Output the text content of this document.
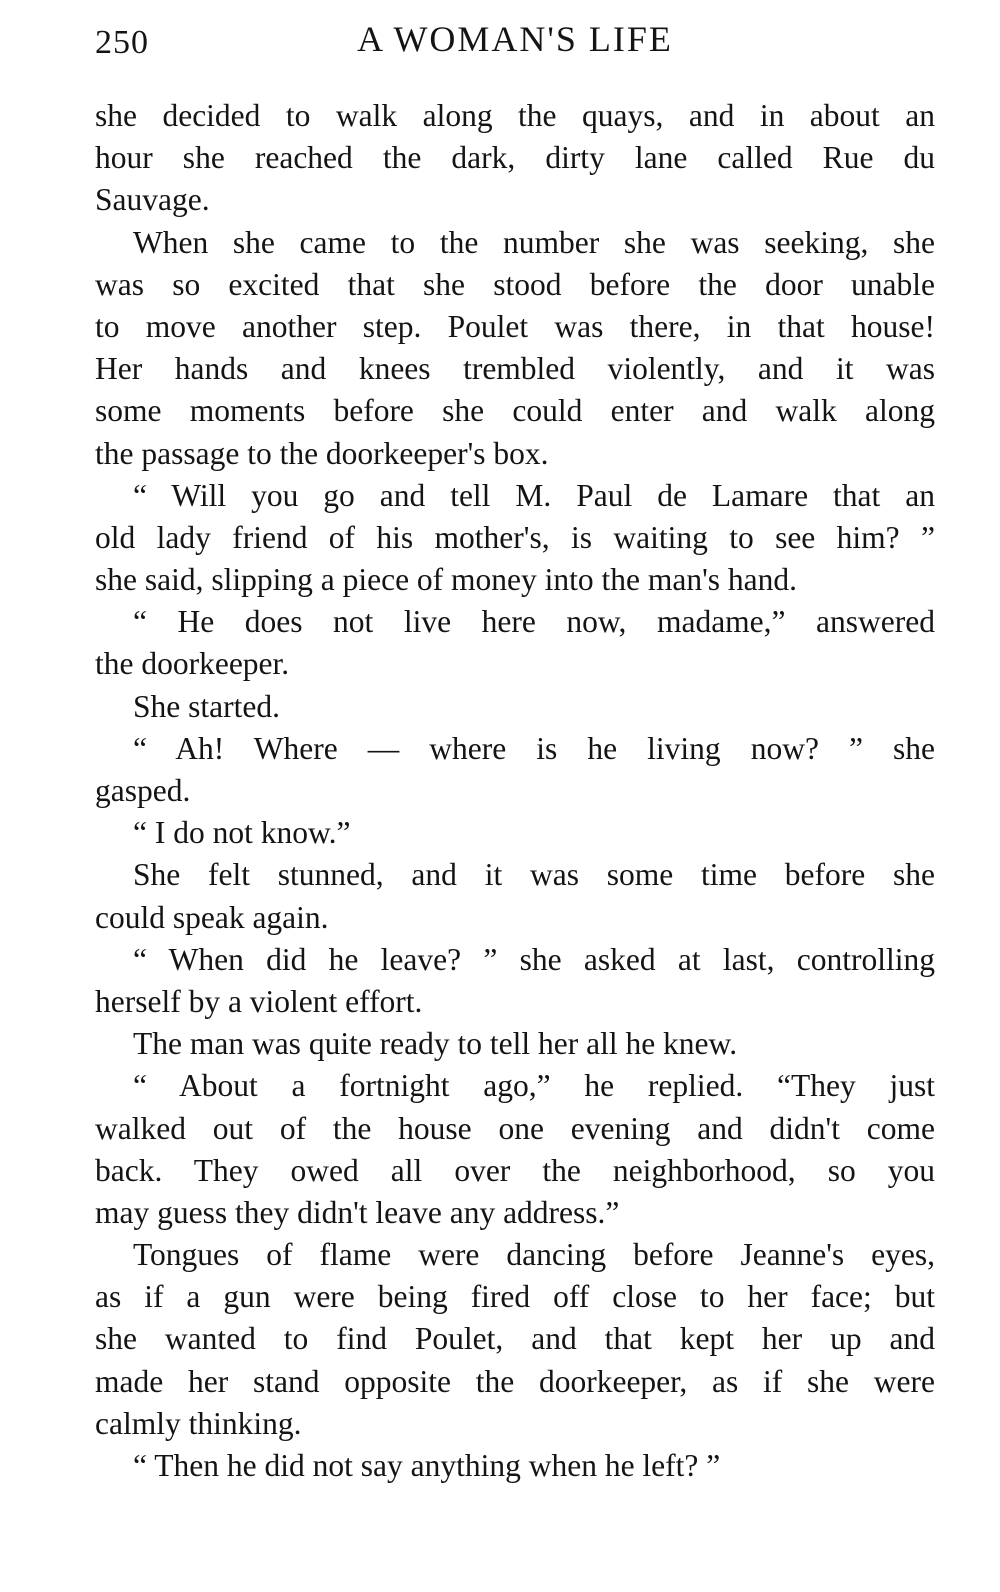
250	A WOMAN'S LIFE
she decided to walk along the quays, and in about an
hour she reached the dark, dirty lane called Rue du
Sauvage.
When she came to the number she was seeking, she
was so excited that she stood before the door unable
to move another step. Poulet was there, in that house!
Her hands and knees trembled violently, and it was
some moments before she could enter and walk along
the passage to the doorkeeper's box.
“ Will you go and tell M. Paul de Lamare that an
old lady friend of his mother's, is waiting to see him? ”
she said, slipping a piece of money into the man's hand.
“ He does not live here now, madame,” answered
the doorkeeper.
She started.
“ Ah! Where — where is he living now? ” she
gasped.
“ I do not know.”
She felt stunned, and it was some time before she
could speak again.
“ When did he leave? ” she asked at last, controlling
herself by a violent effort.
The man was quite ready to tell her all he knew.
“ About a fortnight ago,” he replied. “They just
walked out of the house one evening and didn't come
back. They owed all over the neighborhood, so you
may guess they didn't leave any address.”
Tongues of flame were dancing before Jeanne's eyes,
as if a gun were being fired off close to her face; but
she wanted to find Poulet, and that kept her up and
made her stand opposite the doorkeeper, as if she were
calmly thinking.
“ Then he did not say anything when he left? ”
